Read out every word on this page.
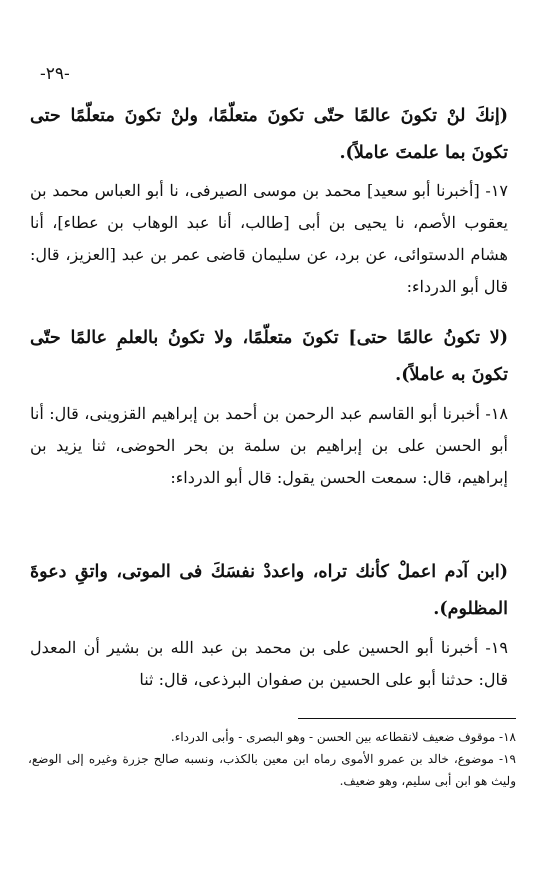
-٢٩-

(إنكَ لنْ تكونَ عالمًا حتّى تكونَ متعلّمًا، ولنْ تكونَ متعلّمًا حتى تكونَ بما علمتَ عاملاً).

١٧- [أخبرنا أبو سعيد] محمد بن موسى الصيرفى، نا أبو العباس محمد بن يعقوب الأصم، نا يحيى بن أبى [طالب، أنا عبد الوهاب بن عطاء]، أنا هشام الدستوائى، عن برد، عن سليمان قاضى عمر بن عبد [العزيز، قال: قال أبو الدرداء:

(لا تكونُ عالمًا حتى] تكونَ متعلّمًا، ولا تكونُ بالعلمِ عالمًا حتّى تكونَ به عاملاً).

١٨- أخبرنا أبو القاسم عبد الرحمن بن أحمد بن إبراهيم القزوينى، قال: أنا أبو الحسن على بن إبراهيم بن سلمة بن بحر الحوضى، ثنا يزيد بن إبراهيم، قال: سمعت الحسن يقول: قال أبو الدرداء:

(ابن آدم اعملْ كأنك تراه، واعددْ نفسَكَ فى الموتى، واتقِ دعوةَ المظلوم).

١٩- أخبرنا أبو الحسين على بن محمد بن عبد الله بن بشير أن المعدل قال: حدثنا أبو على الحسين بن صفوان البرذعى، قال: ثنا

١٨- موقوف ضعيف لانقطاعه بين الحسن - وهو البصرى - وأبى الدرداء.

١٩- موضوع، خالد بن عمرو الأموى رماه ابن معين بالكذب، ونسبه صالح جزرة وغيره إلى الوضع، وليث هو ابن أبى سليم، وهو ضعيف.
